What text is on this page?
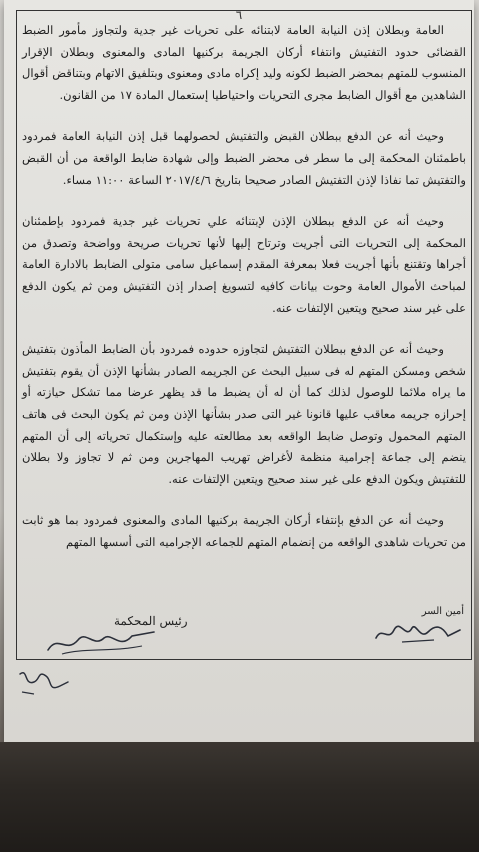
٦

العامة وبطلان إذن النيابة العامة لابتنائه على تحريات غير جدية ولتجاوز مأمور الضبط القضائى حدود التفتيش وانتفاء أركان الجريمة بركنيها المادى والمعنوى وبطلان الإقرار المنسوب للمتهم بمحضر الضبط لكونه وليد إكراه مادى ومعنوى وبتلفيق الاتهام وبتناقض أقوال الشاهدين مع أقوال الضابط مجرى التحريات واحتياطيا إستعمال المادة ١٧ من القانون.

وحيث أنه عن الدفع ببطلان القبض والتفتيش لحصولهما قبل إذن النيابة العامة فمردود باطمئنان المحكمة إلى ما سطر فى محضر الضبط وإلى شهادة ضابط الواقعة من أن القبض والتفتيش تما نفاذا لإذن التفتيش الصادر صحيحا بتاريخ ٢٠١٧/٤/٦ الساعة ١١:٠٠ مساء.

وحيث أنه عن الدفع ببطلان الإذن لإبتنائه علي تحريات غير جدية فمردود بإطمئنان المحكمة إلى التحريات التى أجريت وترتاح إليها لأنها تحريات صريحة وواضحة وتصدق من أجراها وتقتنع بأنها أجريت فعلا بمعرفة المقدم إسماعيل سامى متولى الضابط بالادارة العامة لمباحث الأموال العامة وحوت بيانات كافيه لتسويغ إصدار إذن التفتيش ومن ثم يكون الدفع على غير سند صحيح ويتعين الإلتفات عنه.

وحيث أنه عن الدفع ببطلان التفتيش لتجاوزه حدوده فمردود بأن الضابط المأذون بتفتيش شخص ومسكن المتهم له فى سبيل البحث عن الجريمه الصادر بشأنها الإذن أن يقوم بتفتيش ما يراه ملائما للوصول لذلك كما أن له أن يضبط ما قد يظهر عرضا مما تشكل حيازته أو إحرازه جريمه معاقب عليها قانونا غير التى صدر بشأنها الإذن ومن ثم يكون البحث فى هاتف المتهم المحمول وتوصل ضابط الواقعه بعد مطالعته عليه وإستكمال تحرياته إلى أن المتهم ينضم إلى جماعة إجرامية منظمة لأغراض تهريب المهاجرين ومن ثم لا تجاوز ولا بطلان للتفتيش ويكون الدفع على غير سند صحيح ويتعين الإلتفات عنه.

وحيث أنه عن الدفع بإنتفاء أركان الجريمة بركنيها المادى والمعنوى فمردود بما هو ثابت من تحريات شاهدى الواقعه من إنضمام المتهم للجماعه الإجراميه التى أسسها المتهم

أمين السر
رئيس المحكمة
